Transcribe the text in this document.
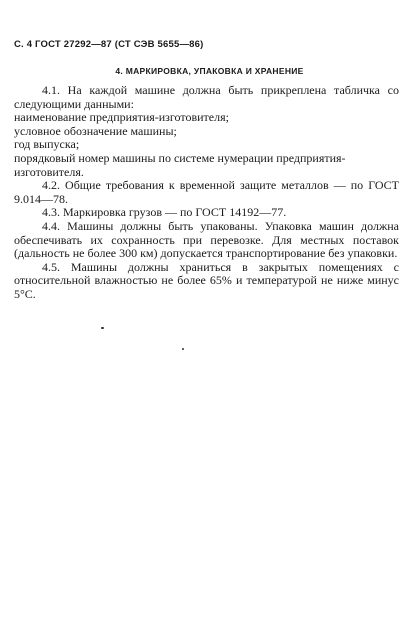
С. 4 ГОСТ 27292—87 (СТ СЭВ 5655—86)
4. МАРКИРОВКА, УПАКОВКА И ХРАНЕНИЕ

4.1. На каждой машине должна быть прикреплена табличка со следующими данными:

наименование предприятия-изготовителя;

условное обозначение машины;

год выпуска;

порядковый номер машины по системе нумерации предприятия-изготовителя.

4.2. Общие требования к временной защите металлов — по ГОСТ 9.014—78.

4.3. Маркировка грузов — по ГОСТ 14192—77.

4.4. Машины должны быть упакованы. Упаковка машин должна обеспечивать их сохранность при перевозке. Для местных поставок (дальность не более 300 км) допускается транспортирование без упаковки.

4.5. Машины должны храниться в закрытых помещениях с относительной влажностью не более 65% и температурой не ниже минус 5°С.
